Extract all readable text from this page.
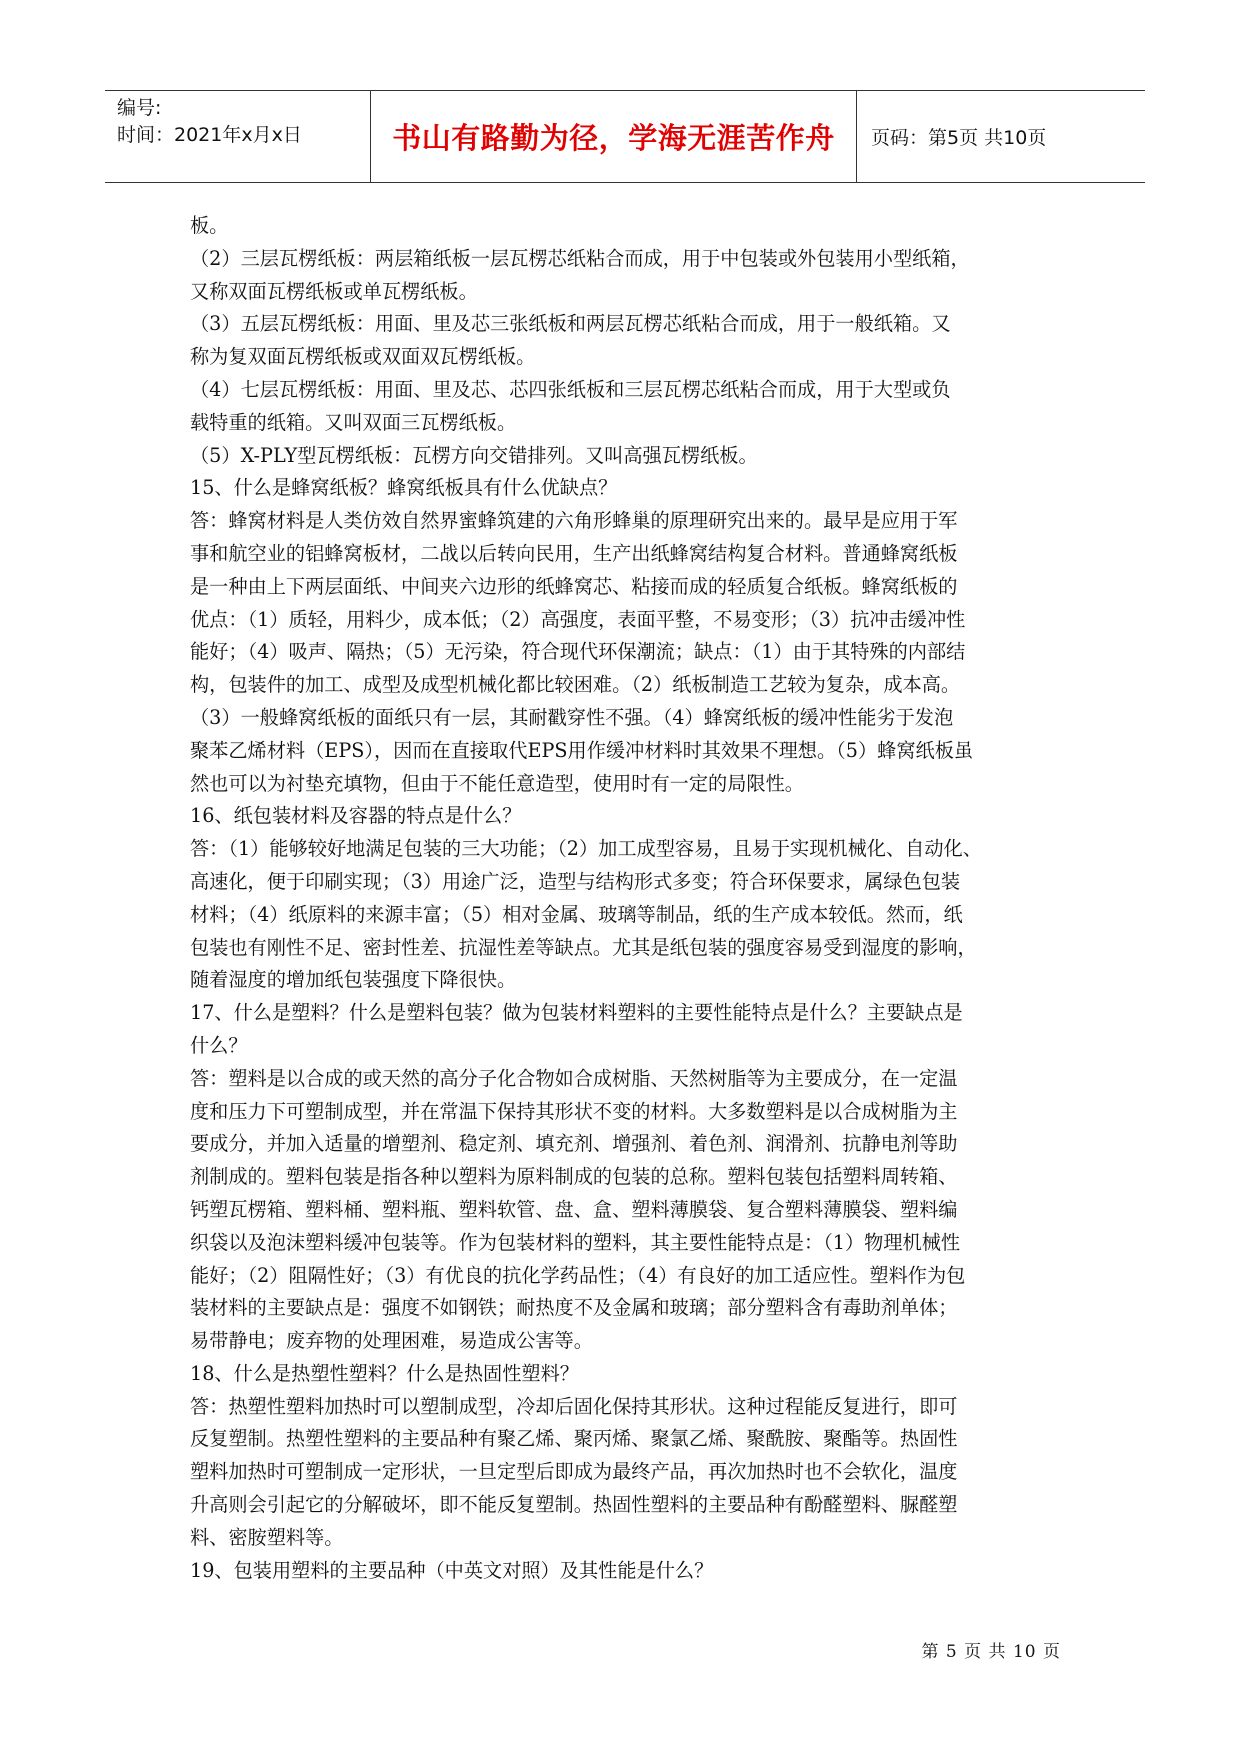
编号:
时间：2021年x月x日	书山有路勤为径，学海无涯苦作舟	页码：第5页 共10页

板。

（2）三层瓦楞纸板：两层箱纸板一层瓦楞芯纸粘合而成，用于中包装或外包装用小型纸箱，

又称双面瓦楞纸板或单瓦楞纸板。

（3）五层瓦楞纸板：用面、里及芯三张纸板和两层瓦楞芯纸粘合而成，用于一般纸箱。又

称为复双面瓦楞纸板或双面双瓦楞纸板。

（4）七层瓦楞纸板：用面、里及芯、芯四张纸板和三层瓦楞芯纸粘合而成，用于大型或负

载特重的纸箱。又叫双面三瓦楞纸板。

（5）X-PLY型瓦楞纸板：瓦楞方向交错排列。又叫高强瓦楞纸板。

15、什么是蜂窝纸板？蜂窝纸板具有什么优缺点？

答：蜂窝材料是人类仿效自然界蜜蜂筑建的六角形蜂巢的原理研究出来的。最早是应用于军

事和航空业的铝蜂窝板材，二战以后转向民用，生产出纸蜂窝结构复合材料。普通蜂窝纸板

是一种由上下两层面纸、中间夹六边形的纸蜂窝芯、粘接而成的轻质复合纸板。蜂窝纸板的

优点：（1）质轻，用料少，成本低；（2）高强度，表面平整，不易变形；（3）抗冲击缓冲性

能好；（4）吸声、隔热；（5）无污染，符合现代环保潮流；缺点：（1）由于其特殊的内部结

构，包装件的加工、成型及成型机械化都比较困难。（2）纸板制造工艺较为复杂，成本高。

（3）一般蜂窝纸板的面纸只有一层，其耐戳穿性不强。（4）蜂窝纸板的缓冲性能劣于发泡

聚苯乙烯材料（EPS），因而在直接取代EPS用作缓冲材料时其效果不理想。（5）蜂窝纸板虽

然也可以为衬垫充填物，但由于不能任意造型，使用时有一定的局限性。

16、纸包装材料及容器的特点是什么？

答：（1）能够较好地满足包装的三大功能；（2）加工成型容易，且易于实现机械化、自动化、

高速化，便于印刷实现；（3）用途广泛，造型与结构形式多变；符合环保要求，属绿色包装

材料；（4）纸原料的来源丰富；（5）相对金属、玻璃等制品，纸的生产成本较低。然而，纸

包装也有刚性不足、密封性差、抗湿性差等缺点。尤其是纸包装的强度容易受到湿度的影响，

随着湿度的增加纸包装强度下降很快。

17、什么是塑料？什么是塑料包装？做为包装材料塑料的主要性能特点是什么？主要缺点是

什么？

答：塑料是以合成的或天然的高分子化合物如合成树脂、天然树脂等为主要成分，在一定温

度和压力下可塑制成型，并在常温下保持其形状不变的材料。大多数塑料是以合成树脂为主

要成分，并加入适量的增塑剂、稳定剂、填充剂、增强剂、着色剂、润滑剂、抗静电剂等助

剂制成的。塑料包装是指各种以塑料为原料制成的包装的总称。塑料包装包括塑料周转箱、

钙塑瓦楞箱、塑料桶、塑料瓶、塑料软管、盘、盒、塑料薄膜袋、复合塑料薄膜袋、塑料编

织袋以及泡沫塑料缓冲包装等。作为包装材料的塑料，其主要性能特点是：（1）物理机械性

能好；（2）阻隔性好；（3）有优良的抗化学药品性；（4）有良好的加工适应性。塑料作为包

装材料的主要缺点是：强度不如钢铁；耐热度不及金属和玻璃；部分塑料含有毒助剂单体；

易带静电；废弃物的处理困难，易造成公害等。

18、什么是热塑性塑料？什么是热固性塑料？

答：热塑性塑料加热时可以塑制成型，冷却后固化保持其形状。这种过程能反复进行，即可

反复塑制。热塑性塑料的主要品种有聚乙烯、聚丙烯、聚氯乙烯、聚酰胺、聚酯等。热固性

塑料加热时可塑制成一定形状，一旦定型后即成为最终产品，再次加热时也不会软化，温度

升高则会引起它的分解破坏，即不能反复塑制。热固性塑料的主要品种有酚醛塑料、脲醛塑

料、密胺塑料等。

19、包装用塑料的主要品种（中英文对照）及其性能是什么？

第 5 页 共 10 页
